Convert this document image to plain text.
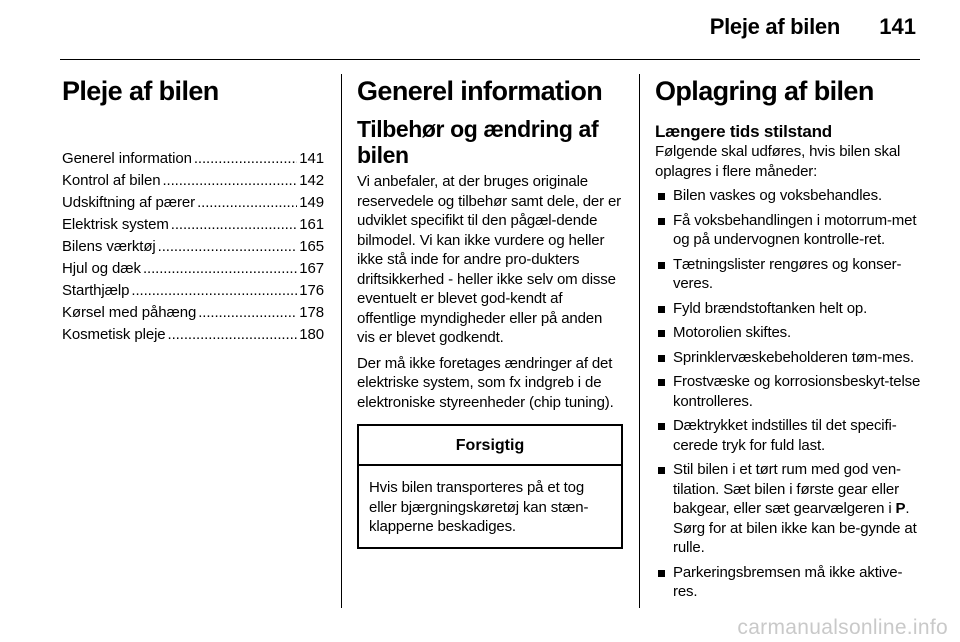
Pleje af bilen 141
Pleje af bilen
Generel information .....	141
Kontrol af bilen .....	142
Udskiftning af pærer .....	149
Elektrisk system .....	161
Bilens værktøj .....	165
Hjul og dæk .....	167
Starthjælp .....	176
Kørsel med påhæng .....	178
Kosmetisk pleje .....	180
Generel information
Tilbehør og ændring af bilen
Vi anbefaler, at der bruges originale reservedele og tilbehør samt dele, der er udviklet specifikt til den pågæl-dende bilmodel. Vi kan ikke vurdere og heller ikke stå inde for andre pro-dukters driftsikkerhed - heller ikke selv om disse eventuelt er blevet god-kendt af offentlige myndigheder eller på anden vis er blevet godkendt.
Der må ikke foretages ændringer af det elektriske system, som fx indgreb i de elektroniske styreenheder (chip tuning).
Forsigtig
Hvis bilen transporteres på et tog eller bjærgningskøretøj kan stæn-klapperne beskadiges.
Oplagring af bilen
Længere tids stilstand
Følgende skal udføres, hvis bilen skal oplagres i flere måneder:
Bilen vaskes og voksbehandles.
Få voksbehandlingen i motorrum-met og på undervognen kontrolle-ret.
Tætningslister rengøres og konser-veres.
Fyld brændstoftanken helt op.
Motorolien skiftes.
Sprinklervæskebeholderen tøm-mes.
Frostvæske og korrosionsbeskyt-telse kontrolleres.
Dæktrykket indstilles til det specifi-cerede tryk for fuld last.
Stil bilen i et tørt rum med god ven-tilation. Sæt bilen i første gear eller bakgear, eller sæt gearvælgeren i P. Sørg for at bilen ikke kan be-gynde at rulle.
Parkeringsbremsen må ikke aktive-res.
carmanualsonline.info
